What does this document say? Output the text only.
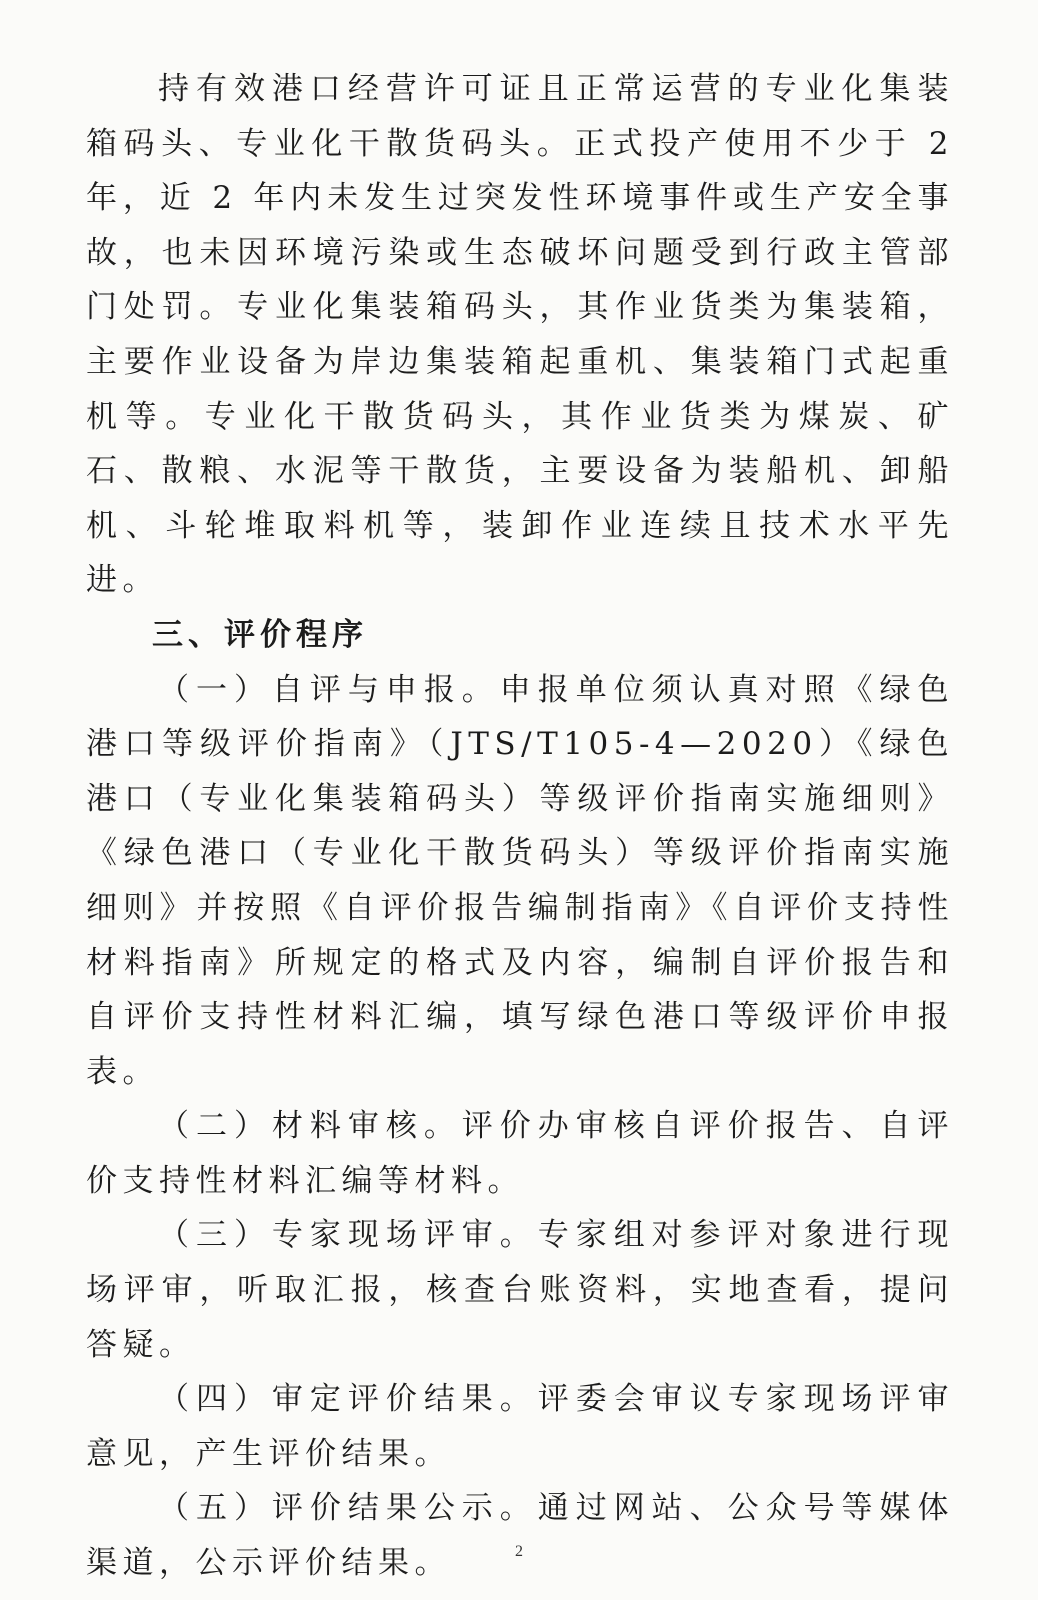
持有效港口经营许可证且正常运营的专业化集装箱码头、专业化干散货码头。正式投产使用不少于 2 年，近 2 年内未发生过突发性环境事件或生产安全事故，也未因环境污染或生态破坏问题受到行政主管部门处罚。专业化集装箱码头，其作业货类为集装箱，主要作业设备为岸边集装箱起重机、集装箱门式起重机等。专业化干散货码头，其作业货类为煤炭、矿石、散粮、水泥等干散货，主要设备为装船机、卸船机、斗轮堆取料机等，装卸作业连续且技术水平先进。

三、评价程序

（一）自评与申报。申报单位须认真对照《绿色港口等级评价指南》（JTS/T105-4—2020）《绿色港口（专业化集装箱码头）等级评价指南实施细则》《绿色港口（专业化干散货码头）等级评价指南实施细则》并按照《自评价报告编制指南》《自评价支持性材料指南》所规定的格式及内容，编制自评价报告和自评价支持性材料汇编，填写绿色港口等级评价申报表。

（二）材料审核。评价办审核自评价报告、自评价支持性材料汇编等材料。

（三）专家现场评审。专家组对参评对象进行现场评审，听取汇报，核查台账资料，实地查看，提问答疑。

（四）审定评价结果。评委会审议专家现场评审意见，产生评价结果。

（五）评价结果公示。通过网站、公众号等媒体渠道，公示评价结果。	2
